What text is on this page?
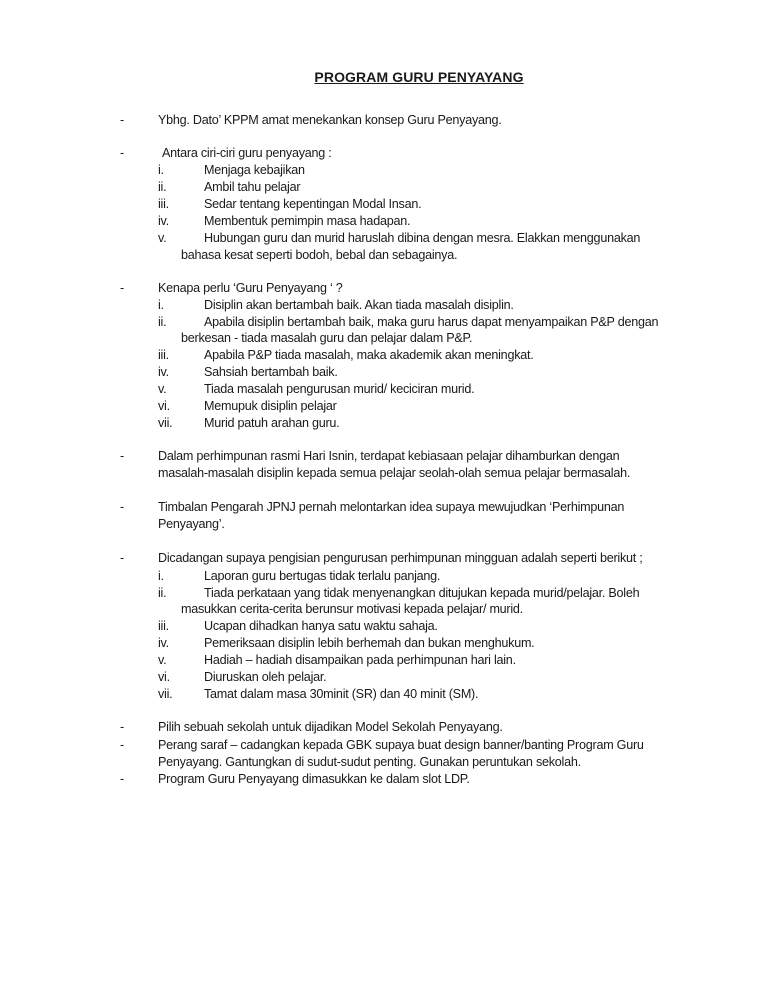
PROGRAM GURU PENYAYANG
-	Ybhg. Dato’ KPPM amat menekankan konsep Guru Penyayang.
-	Antara ciri-ciri guru penyayang :
i.	Menjaga kebajikan
ii.	Ambil tahu pelajar
iii.	Sedar tentang kepentingan Modal Insan.
iv.	Membentuk pemimpin masa hadapan.
v.	Hubungan guru dan murid haruslah dibina dengan mesra. Elakkan menggunakan
bahasa kesat seperti bodoh, bebal dan sebagainya.
-	Kenapa perlu ‘Guru Penyayang ‘ ?
i.	Disiplin akan bertambah baik. Akan tiada masalah disiplin.
ii.	Apabila disiplin bertambah baik, maka guru harus dapat menyampaikan P&P dengan
berkesan - tiada masalah guru dan pelajar dalam P&P.
iii.	Apabila P&P tiada masalah, maka akademik akan meningkat.
iv.	Sahsiah bertambah baik.
v.	Tiada masalah pengurusan murid/ keciciran murid.
vi.	Memupuk disiplin pelajar
vii.	Murid patuh arahan guru.
-	Dalam perhimpunan rasmi Hari Isnin, terdapat kebiasaan pelajar dihamburkan dengan
masalah-masalah disiplin kepada semua pelajar seolah-olah semua pelajar bermasalah.
-	Timbalan Pengarah JPNJ pernah melontarkan idea supaya mewujudkan ‘Perhimpunan
Penyayang’.
-	Dicadangan supaya pengisian pengurusan perhimpunan mingguan adalah seperti berikut ;
i.	Laporan guru bertugas tidak terlalu panjang.
ii.	Tiada perkataan yang tidak menyenangkan ditujukan kepada murid/pelajar. Boleh
masukkan cerita-cerita berunsur motivasi kepada pelajar/ murid.
iii.	Ucapan dihadkan hanya satu waktu sahaja.
iv.	Pemeriksaan disiplin lebih berhemah dan bukan menghukum.
v.	Hadiah – hadiah disampaikan pada perhimpunan hari lain.
vi.	Diuruskan oleh pelajar.
vii.	Tamat dalam masa 30minit (SR) dan 40 minit (SM).
-	Pilih sebuah sekolah untuk dijadikan Model Sekolah Penyayang.
-	Perang saraf – cadangkan kepada GBK supaya buat design banner/banting Program Guru
Penyayang. Gantungkan di sudut-sudut penting. Gunakan peruntukan sekolah.
-	Program Guru Penyayang dimasukkan ke dalam slot LDP.
